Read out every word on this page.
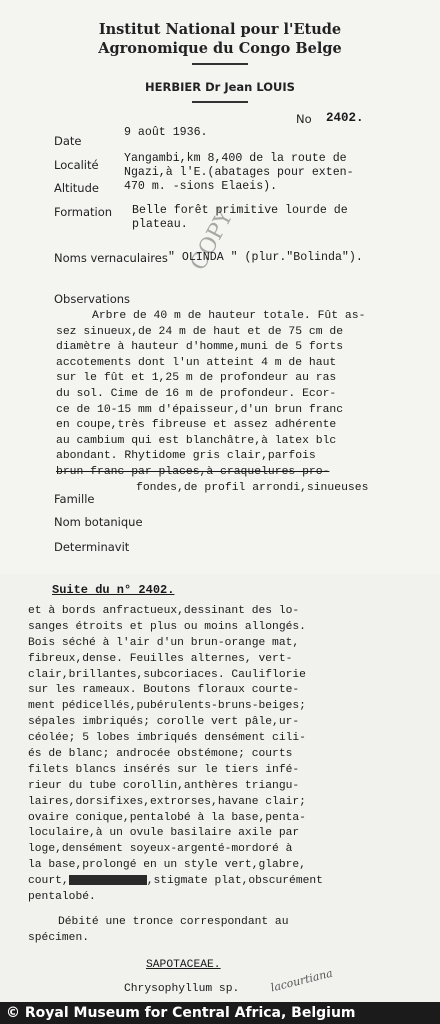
Institut National pour l'Etude
Agronomique du Congo Belge
HERBIER Dr Jean LOUIS
No 2402.
Date
9 août 1936.
Localité Yangambi,km 8,400 de la route de
Ngazi,à l'E.(abatages pour exten-
Altitude 470 m. -sions Elaeis).
Formation Belle forêt primitive lourde de
plateau.
COPY
Noms vernaculaires " OLINDA " (plur."Bolinda").
Observations
Arbre de 40 m de hauteur totale. Fût as-
sez sinueux,de 24 m de haut et de 75 cm de
diamètre à hauteur d'homme,muni de 5 forts
accotements dont l'un atteint 4 m de haut
sur le fût et 1,25 m de profondeur au ras
du sol. Cime de 16 m de profondeur. Ecor-
ce de 10-15 mm d'épaisseur,d'un brun franc
en coupe,très fibreuse et assez adhérente
au cambium qui est blanchâtre,à latex blc
abondant. Rhytidome gris clair,parfois
brun franc par places,à craquelures pro-
fondes,de profil arrondi,sinueuses
Famille
Nom botanique
Determinavit
Suite du n° 2402.
et à bords anfractueux,dessinant des lo-
sanges étroits et plus ou moins allongés.
Bois séché à l'air d'un brun-orange mat,
fibreux,dense. Feuilles alternes, vert-
clair,brillantes,subcoriaces. Cauliflorie
sur les rameaux. Boutons floraux courte-
ment pédicellés,pubérulents-bruns-beiges;
sépales imbriqués; corolle vert pâle,ur-
céolée; 5 lobes imbriqués densément cili-
és de blanc; androcée obstémone; courts
filets blancs insérés sur le tiers infé-
rieur du tube corollin,anthères triangu-
laires,dorsifixes,extrorses,havane clair;
ovaire conique,pentalobé à la base,penta-
loculaire,à un ovule basilaire axile par
loge,densément soyeux-argenté-mordoré à
la base,prolongé en un style vert,glabre,
court,	,stigmate plat,obscurément
pentalobé.
Débité une tronce correspondant au
spécimen.
SAPOTACEAE.
Chrysophyllum sp.	lacourtiana
© Royal Museum for Central Africa, Belgium
